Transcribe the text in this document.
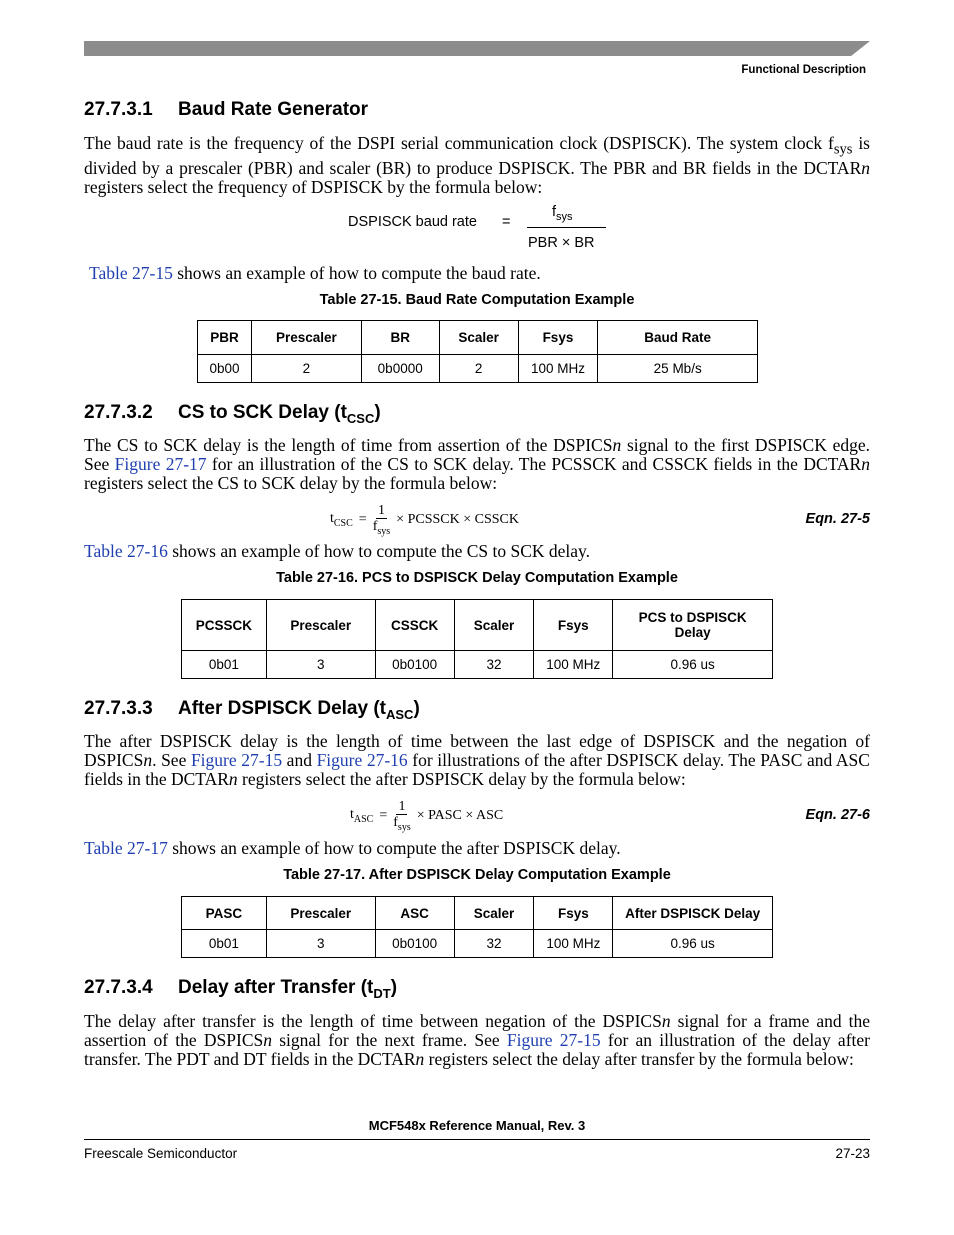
Functional Description
27.7.3.1 Baud Rate Generator
The baud rate is the frequency of the DSPI serial communication clock (DSPISCK). The system clock $f_{sys}$ is divided by a prescaler (PBR) and scaler (BR) to produce DSPISCK. The PBR and BR fields in the DCTARn registers select the frequency of DSPISCK by the formula below:
DSPISCK baud rate =
$f_{sys}$
PBR × BR
Table 27-15 shows an example of how to compute the baud rate.
Table 27-15. Baud Rate Computation Example
PBR	Prescaler	BR	Scaler	Fsys	Baud Rate
0b00	2	0b0000	2	100 MHz	25 Mb/s
27.7.3.2 CS to SCK Delay $(t_{CSC})$
The CS to SCK delay is the length of time from assertion of the DSPICSn signal to the first DSPISCK edge. See Figure 27-17 for an illustration of the CS to SCK delay. The PCSSCK and CSSCK fields in the DCTARn registers select the CS to SCK delay by the formula below:
$t_{CSC} = \frac{1}{f_{sys}}$ × PCSSCK × CSSCK	Eqn. 27-5
Table 27-16 shows an example of how to compute the CS to SCK delay.
Table 27-16. PCS to DSPISCK Delay Computation Example
PCSSCK	Prescaler	CSSCK	Scaler	Fsys	PCS to DSPISCK Delay
0b01	3	0b0100	32	100 MHz	0.96 us
27.7.3.3 After DSPISCK Delay $(t_{ASC})$
The after DSPISCK delay is the length of time between the last edge of DSPISCK and the negation of DSPICSn. See Figure 27-15 and Figure 27-16 for illustrations of the after DSPISCK delay. The PASC and ASC fields in the DCTARn registers select the after DSPISCK delay by the formula below:
$t_{ASC} = \frac{1}{f_{sys}}$ × PASC × ASC	Eqn. 27-6
Table 27-17 shows an example of how to compute the after DSPISCK delay.
Table 27-17. After DSPISCK Delay Computation Example
PASC	Prescaler	ASC	Scaler	Fsys	After DSPISCK Delay
0b01	3	0b0100	32	100 MHz	0.96 us
27.7.3.4 Delay after Transfer $(t_{DT})$
The delay after transfer is the length of time between negation of the DSPICSn signal for a frame and the assertion of the DSPICSn signal for the next frame. See Figure 27-15 for an illustration of the delay after transfer. The PDT and DT fields in the DCTARn registers select the delay after transfer by the formula below:
MCF548x Reference Manual, Rev. 3
Freescale Semiconductor	27-23
